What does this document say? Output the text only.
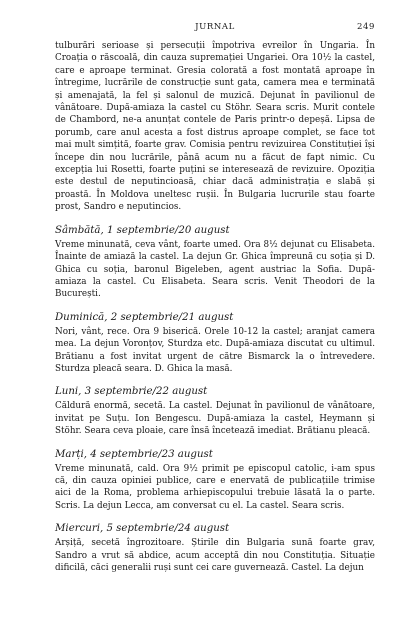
JURNAL	249

tulburări serioase și persecuții împotriva evreilor în Ungaria. În Croația o răscoală, din cauza supremației Ungariei. Ora 10½ la castel, care e aproape terminat. Gresia colorată a fost montată aproape în întregime, lucrările de construcție sunt gata, camera mea e terminată și amenajată, la fel și salonul de muzică. Dejunat în pavilionul de vânătoare. După-amiaza la castel cu Stöhr. Seara scris. Murit contele de Chambord, ne-a anunțat contele de Paris printr-o depeșă. Lipsa de porumb, care anul acesta a fost distrus aproape complet, se face tot mai mult simțită, foarte grav. Comisia pentru revizuirea Constituției își începe din nou lucrările, până acum nu a făcut de fapt nimic. Cu excepția lui Rosetti, foarte puțini se interesează de revizuire. Opoziția este destul de neputincioasă, chiar dacă administrația e slabă și proastă. În Moldova uneltesc rușii. În Bulgaria lucrurile stau foarte prost, Sandro e neputincios.

Sâmbătă, 1 septembrie/20 august

Vreme minunată, ceva vânt, foarte umed. Ora 8½ dejunat cu Elisabeta. Înainte de amiază la castel. La dejun Gr. Ghica împreună cu soția și D. Ghica cu soția, baronul Bigeleben, agent austriac la Sofia. După-amiaza la castel. Cu Elisabeta. Seara scris. Venit Theodori de la București.

Duminică, 2 septembrie/21 august

Nori, vânt, rece. Ora 9 biserică. Orele 10-12 la castel; aranjat camera mea. La dejun Voronțov, Sturdza etc. După-amiaza discutat cu ultimul. Brătianu a fost invitat urgent de către Bismarck la o întrevedere. Sturdza pleacă seara. D. Ghica la masă.

Luni, 3 septembrie/22 august

Căldură enormă, secetă. La castel. Dejunat în pavilionul de vânătoare, invitat pe Suțu. Ion Bengescu. După-amiaza la castel, Heymann și Stöhr. Seara ceva ploaie, care însă încetează imediat. Brătianu pleacă.

Marți, 4 septembrie/23 august

Vreme minunată, cald. Ora 9½ primit pe episcopul catolic, i-am spus că, din cauza opiniei publice, care e enervată de publicațiile trimise aici de la Roma, problema arhiepiscopului trebuie lăsată la o parte. Scris. La dejun Lecca, am conversat cu el. La castel. Seara scris.

Miercuri, 5 septembrie/24 august

Arșiță, secetă îngrozitoare. Știrile din Bulgaria sună foarte grav, Sandro a vrut să abdice, acum acceptă din nou Constituția. Situație dificilă, căci generalii ruși sunt cei care guvernează. Castel. La dejun
